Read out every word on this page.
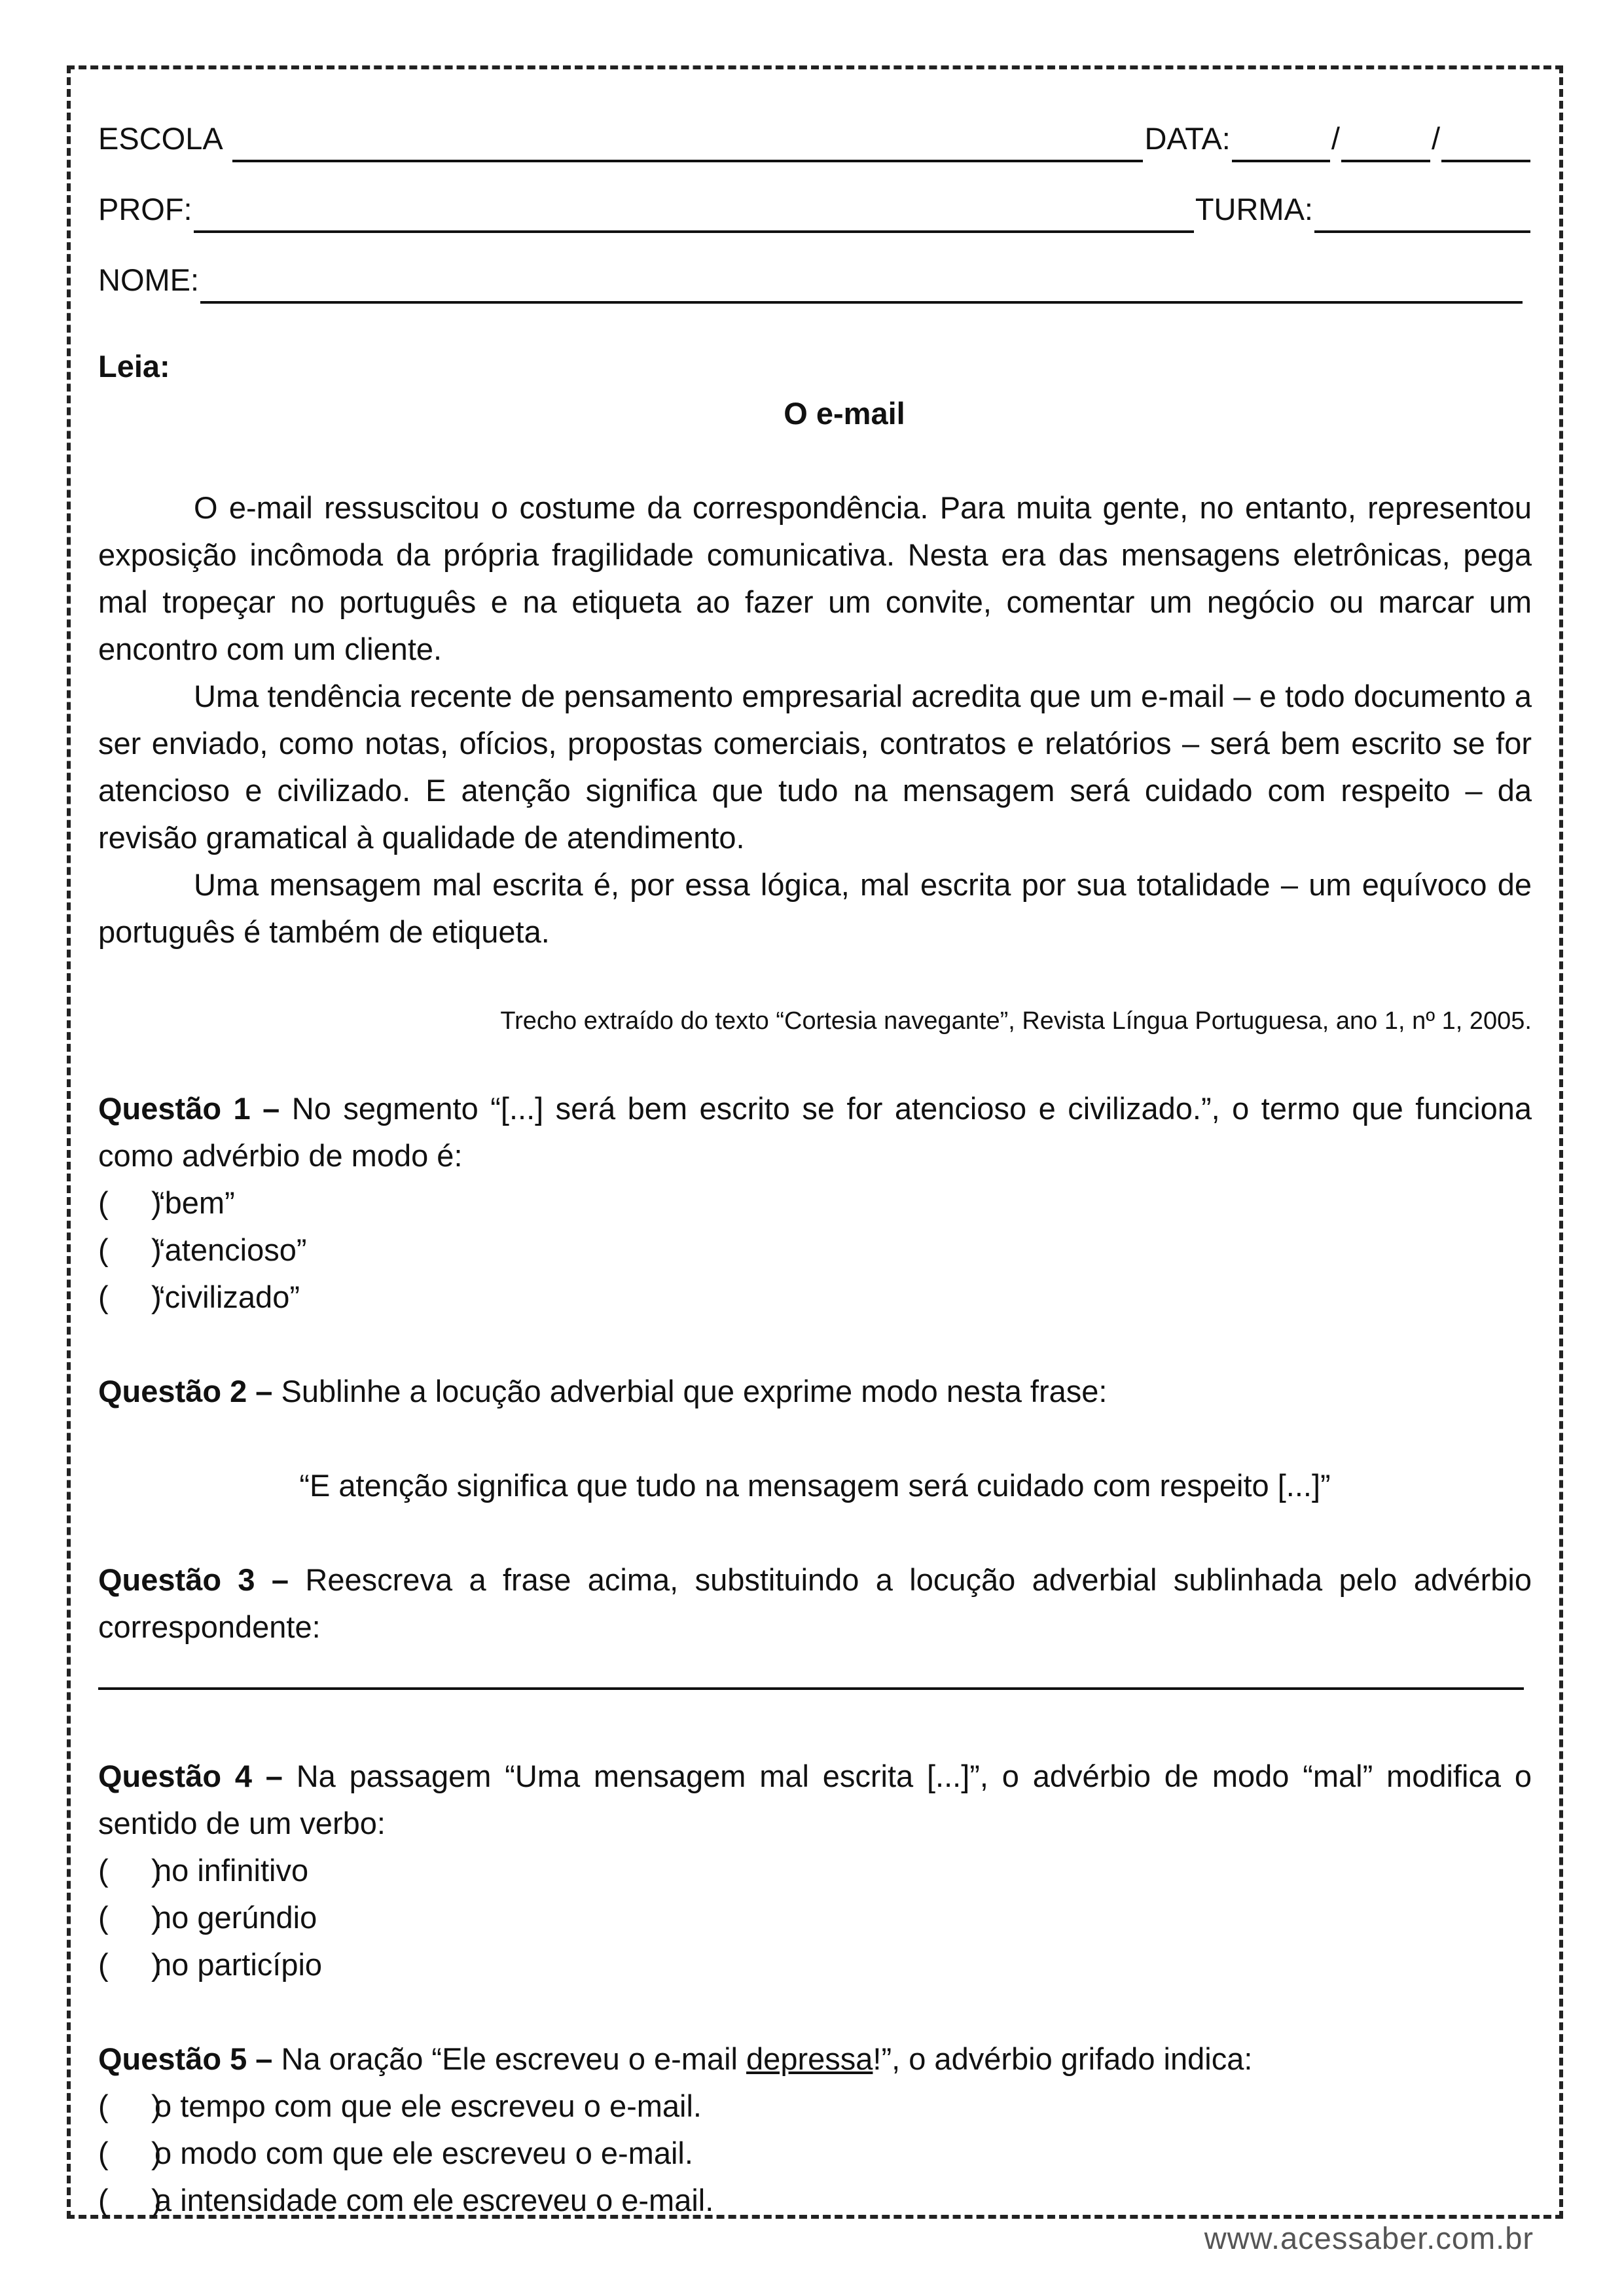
ESCOLA	DATA:	/	/
PROF:	TURMA:
NOME:
Leia:
O e-mail

O e-mail ressuscitou o costume da correspondência. Para muita gente, no entanto, representou exposição incômoda da própria fragilidade comunicativa. Nesta era das mensagens eletrônicas, pega mal tropeçar no português e na etiqueta ao fazer um convite, comentar um negócio ou marcar um encontro com um cliente.

Uma tendência recente de pensamento empresarial acredita que um e-mail – e todo documento a ser enviado, como notas, ofícios, propostas comerciais, contratos e relatórios – será bem escrito se for atencioso e civilizado. E atenção significa que tudo na mensagem será cuidado com respeito – da revisão gramatical à qualidade de atendimento.

Uma mensagem mal escrita é, por essa lógica, mal escrita por sua totalidade – um equívoco de português é também de etiqueta.

Trecho extraído do texto “Cortesia navegante”, Revista Língua Portuguesa, ano 1, nº 1, 2005.

Questão 1 – No segmento “[...] será bem escrito se for atencioso e civilizado.”, o termo que funciona como advérbio de modo é:

(     )
“bem”
(     )
“atencioso”
(     )
“civilizado”

Questão 2 – Sublinhe a locução adverbial que exprime modo nesta frase:

“E atenção significa que tudo na mensagem será cuidado com respeito [...]”

Questão 3 – Reescreva a frase acima, substituindo a locução adverbial sublinhada pelo advérbio correspondente:

Questão 4 – Na passagem “Uma mensagem mal escrita [...]”, o advérbio de modo “mal” modifica o sentido de um verbo:

(     )
no infinitivo
(     )
no gerúndio
(     )
no particípio

Questão 5 – Na oração “Ele escreveu o e-mail depressa!”, o advérbio grifado indica:

(     )
o tempo com que ele escreveu o e-mail.
(     )
o modo com que ele escreveu o e-mail.
(     )
a intensidade com ele escreveu o e-mail.
www.acessaber.com.br
